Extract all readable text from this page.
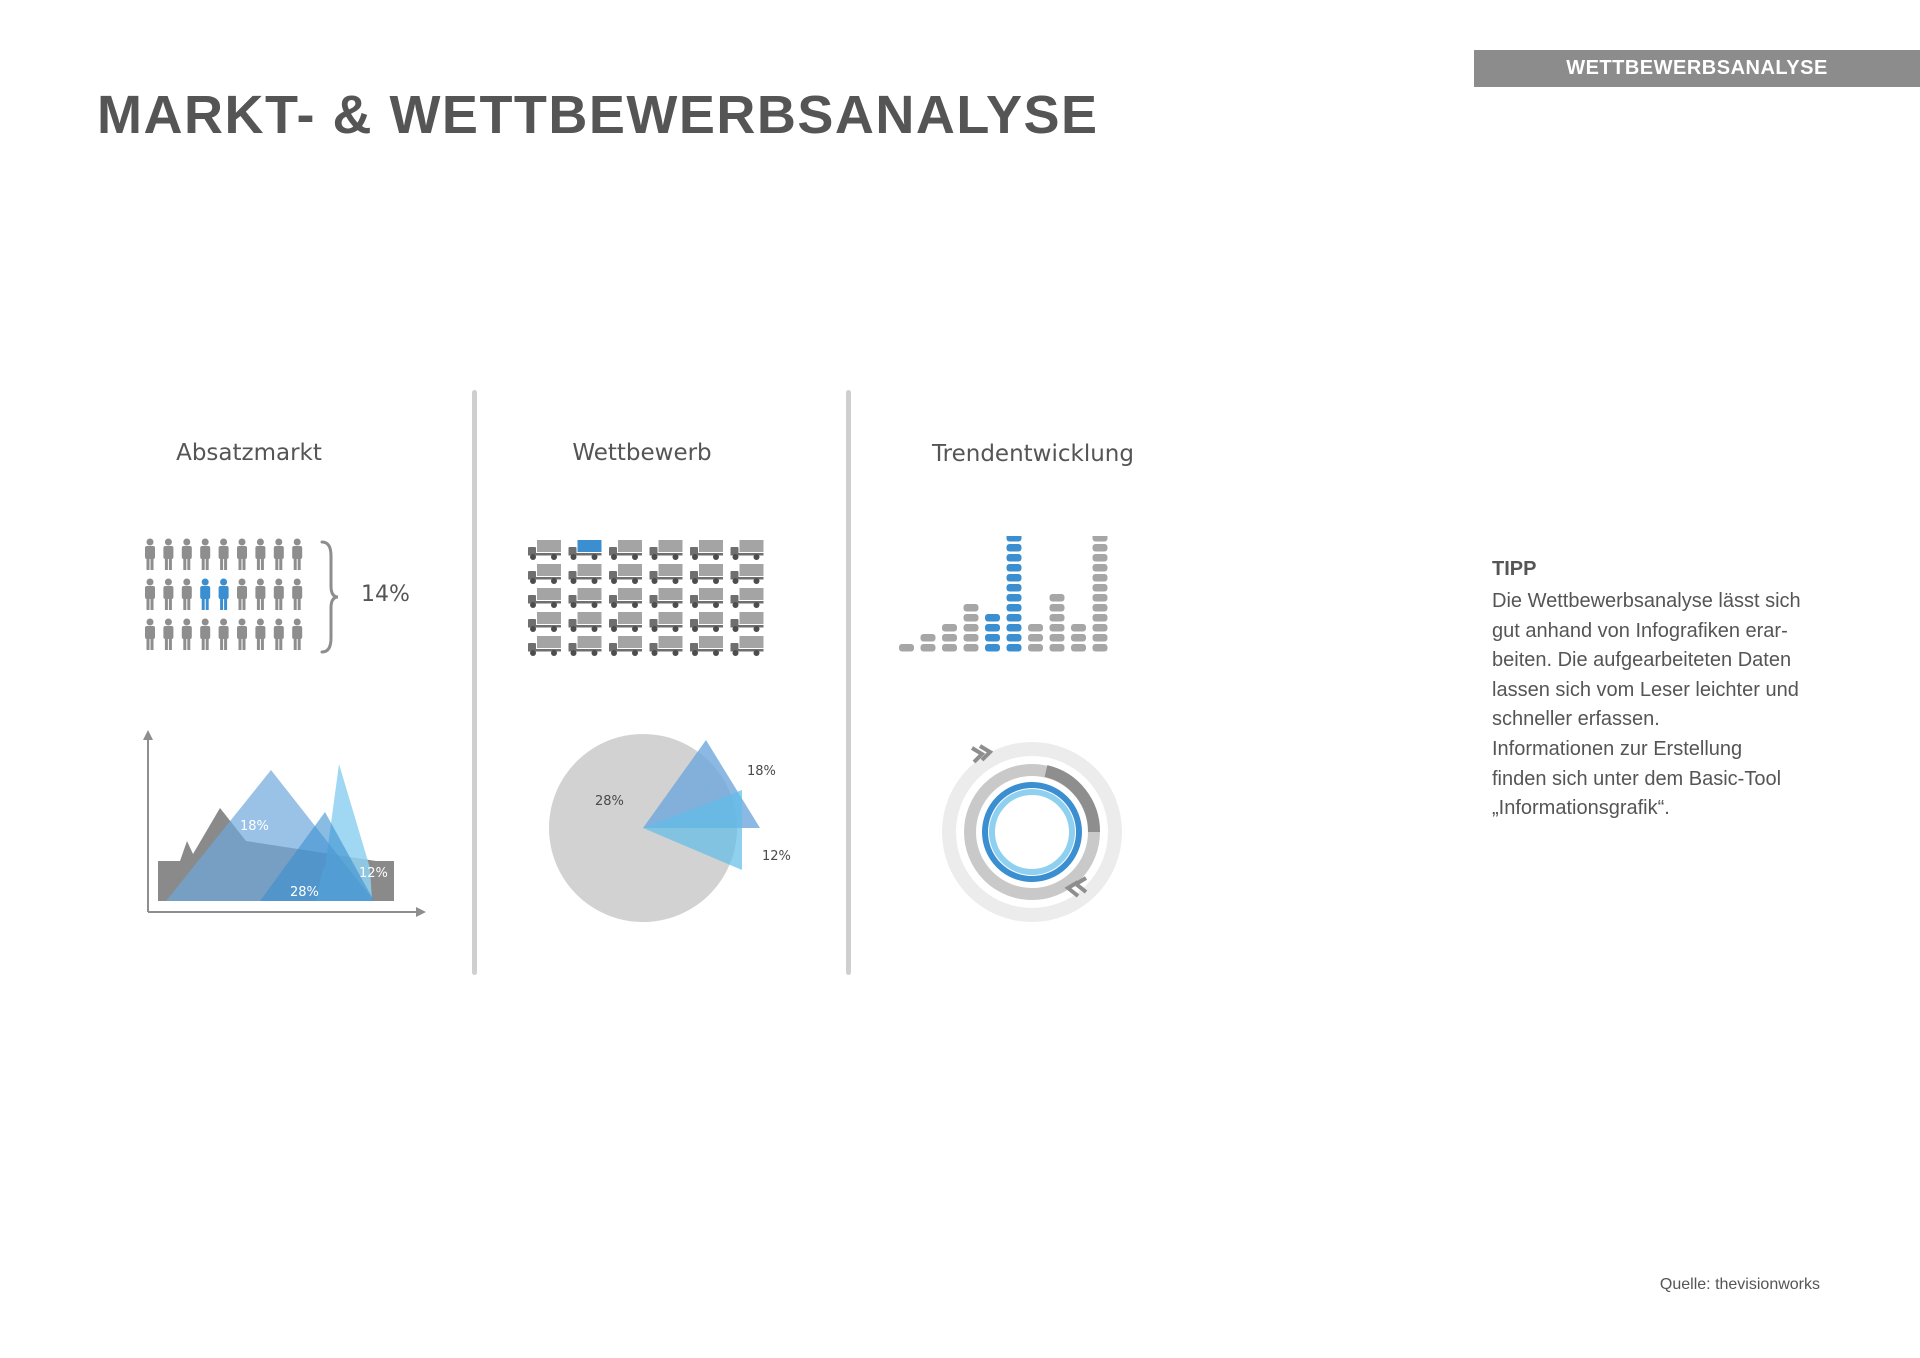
WETTBEWERBSANALYSE
MARKT- & WETTBEWERBSANALYSE
Absatzmarkt
14%
18%
28%
12%
Wettbewerb
28%
18%
12%
Trendentwicklung
TIPP
Die Wettbewerbsanalyse lässt sich
gut anhand von Infografiken erar-
beiten. Die aufgearbeiteten Daten
lassen sich vom Leser leichter und
schneller erfassen.
Informationen zur Erstellung
finden sich unter dem Basic-Tool
„Informationsgrafik“.
Quelle: thevisionworks
